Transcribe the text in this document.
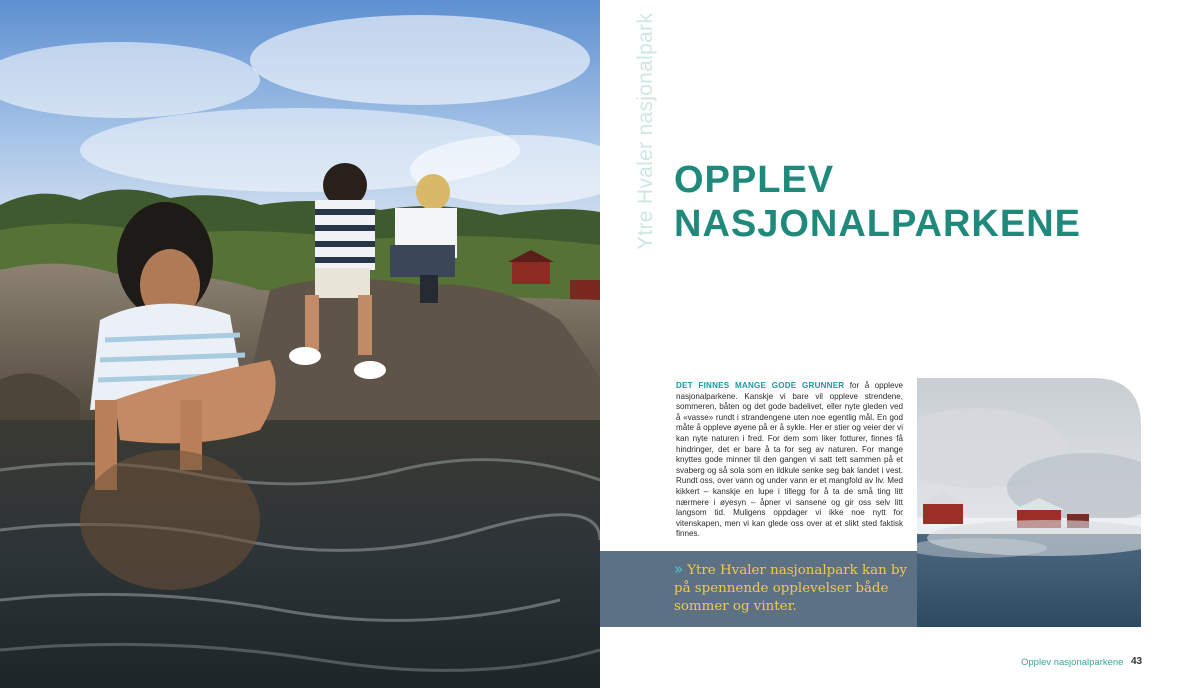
Ytre Hvaler nasjonalpark OPPLEV
NASJONALPARKENE

DET FINNES MANGE GODE GRUNNER for å oppleve nasjonalparkene. Kanskje vi bare vil oppleve strendene, sommeren, båten og det gode badelivet, eller nyte gleden ved å «vasse» rundt i strandengene uten noe egentlig mål. En god måte å oppleve øyene på er å sykle. Her er stier og veier der vi kan nyte naturen i fred. For dem som liker fotturer, finnes få hindringer, det er bare å ta for seg av naturen. For mange knyttes gode minner til den gangen vi satt tett sammen på et svaberg og så sola som en ildkule senke seg bak landet i vest. Rundt oss, over vann og under vann er et mangfold av liv. Med kikkert – kanskje en lupe i tillegg for å ta de små ting litt nærmere i øyesyn – åpner vi sansene og gir oss selv litt langsom tid. Muligens oppdager vi ikke noe nytt for vitenskapen, men vi kan glede oss over at et slikt sted faktisk finnes.

» Ytre Hvaler nasjonalpark kan by på spennende opplevelser både sommer og vinter.

Opplev nasjonalparkene 43
